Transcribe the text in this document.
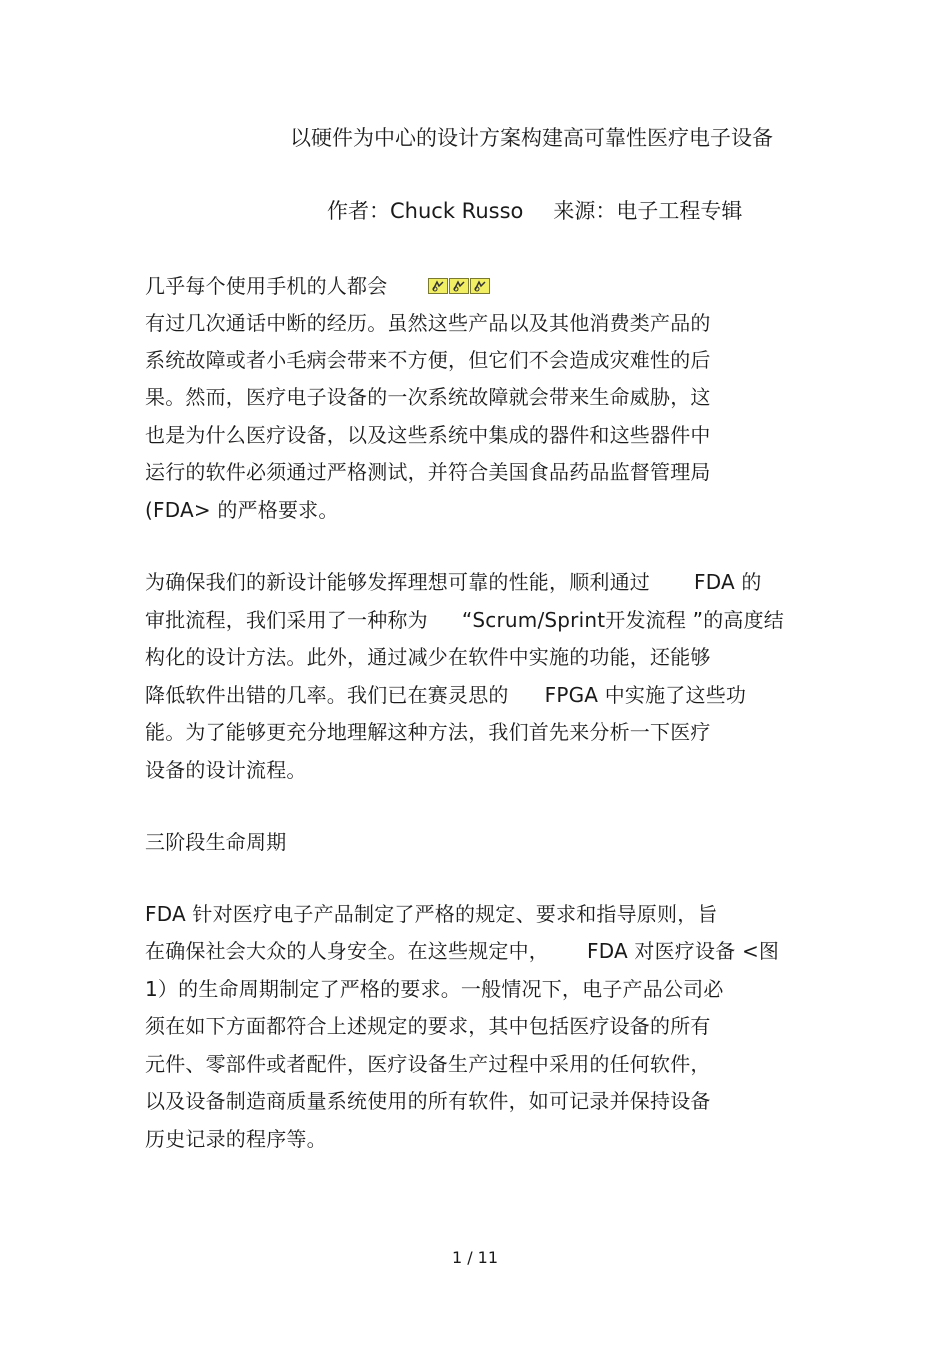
以硬件为中心的设计方案构建高可靠性医疗电子设备
作者：Chuck Russo 来源：电子工程专辑
几乎每个使用手机的人都会
有过几次通话中断的经历。虽然这些产品以及其他消费类产品的
系统故障或者小毛病会带来不方便，但它们不会造成灾难性的后
果。然而，医疗电子设备的一次系统故障就会带来生命威胁，这
也是为什么医疗设备，以及这些系统中集成的器件和这些器件中
运行的软件必须通过严格测试，并符合美国食品药品监督管理局
(FDA> 的严格要求。
为确保我们的新设计能够发挥理想可靠的性能，顺利通过 FDA 的
审批流程，我们采用了一种称为 “Scrum/Sprint开发流程 ”的高度结
构化的设计方法。此外，通过减少在软件中实施的功能，还能够
降低软件出错的几率。我们已在赛灵思的 FPGA 中实施了这些功
能。为了能够更充分地理解这种方法，我们首先来分析一下医疗
设备的设计流程。
三阶段生命周期
FDA 针对医疗电子产品制定了严格的规定、要求和指导原则，旨
在确保社会大众的人身安全。在这些规定中， FDA 对医疗设备 <图
1）的生命周期制定了严格的要求。一般情况下，电子产品公司必
须在如下方面都符合上述规定的要求，其中包括医疗设备的所有
元件、零部件或者配件，医疗设备生产过程中采用的任何软件，
以及设备制造商质量系统使用的所有软件，如可记录并保持设备
历史记录的程序等。
1 / 11
